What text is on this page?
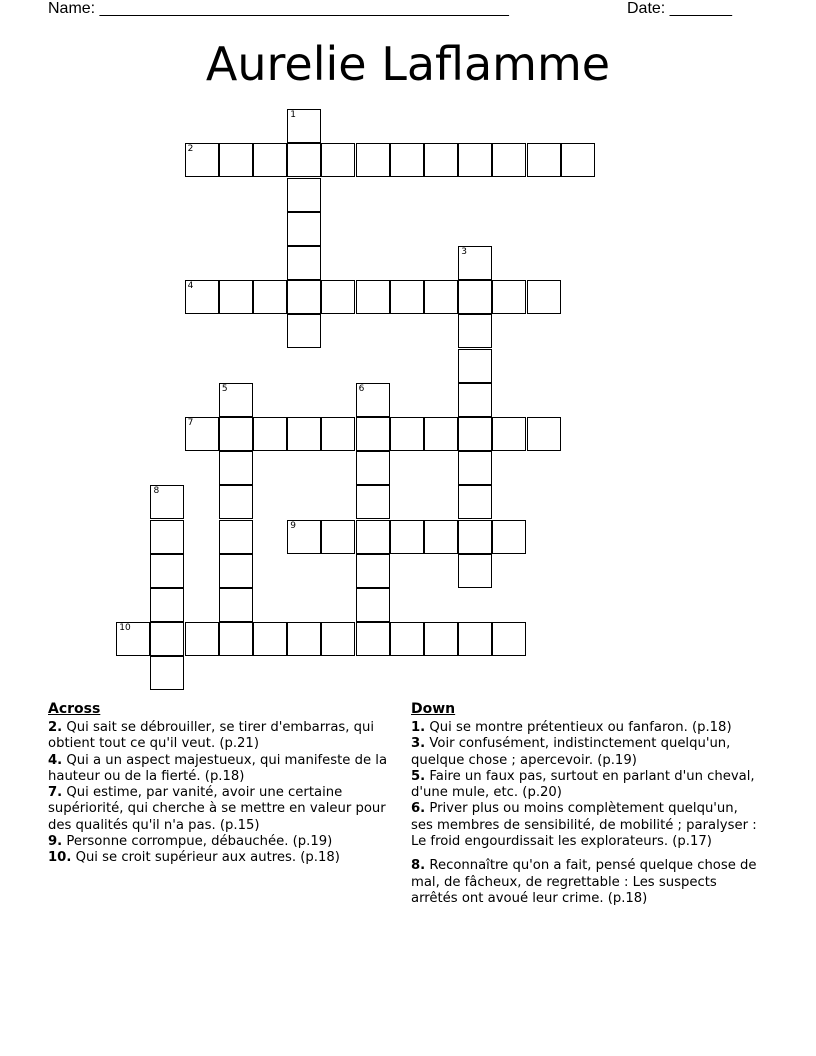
Name: ______________________________________________

	Date: _______

Aurelie Laflamme
1
2
3
4
5	6
7
8
9
10
Across

2. Qui sait se débrouiller, se tirer d'embarras, qui obtient tout ce qu'il veut. (p.21)

4. Qui a un aspect majestueux, qui manifeste de la hauteur ou de la fierté. (p.18)

7. Qui estime, par vanité, avoir une certaine supériorité, qui cherche à se mettre en valeur pour des qualités qu'il n'a pas. (p.15)

9. Personne corrompue, débauchée. (p.19)

10. Qui se croit supérieur aux autres. (p.18)

Down

1. Qui se montre prétentieux ou fanfaron. (p.18)

3. Voir confusément, indistinctement quelqu'un, quelque chose ; apercevoir. (p.19)

5. Faire un faux pas, surtout en parlant d'un cheval, d'une mule, etc. (p.20)

6. Priver plus ou moins complètement quelqu'un, ses membres de sensibilité, de mobilité ; paralyser : Le froid engourdissait les explorateurs. (p.17)

8. Reconnaître qu'on a fait, pensé quelque chose de mal, de fâcheux, de regrettable : Les suspects arrêtés ont avoué leur crime. (p.18)
